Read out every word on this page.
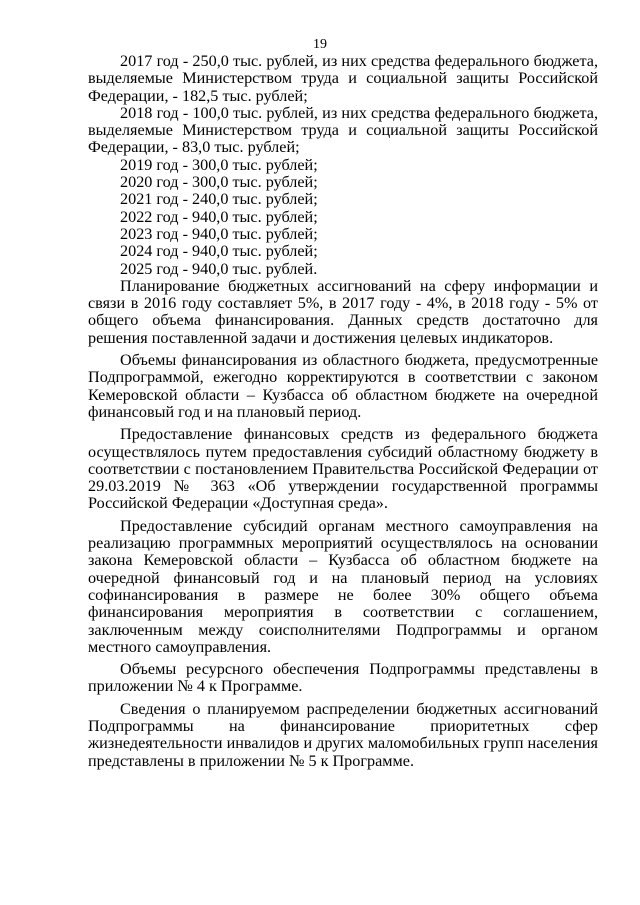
19

2017 год - 250,0 тыс. рублей, из них средства федерального бюджета, выделяемые Министерством труда и социальной защиты Российской Федерации, - 182,5 тыс. рублей;

2018 год - 100,0 тыс. рублей, из них средства федерального бюджета, выделяемые Министерством труда и социальной защиты Российской Федерации, - 83,0 тыс. рублей;

2019 год - 300,0 тыс. рублей;

2020 год - 300,0 тыс. рублей;

2021 год - 240,0 тыс. рублей;

2022 год - 940,0 тыс. рублей;

2023 год - 940,0 тыс. рублей;

2024 год - 940,0 тыс. рублей;

2025 год - 940,0 тыс. рублей.

Планирование бюджетных ассигнований на сферу информации и связи в 2016 году составляет 5%, в 2017 году - 4%, в 2018 году - 5% от общего объема финансирования. Данных средств достаточно для решения поставленной задачи и достижения целевых индикаторов.

Объемы финансирования из областного бюджета, предусмотренные Подпрограммой, ежегодно корректируются в соответствии с законом Кемеровской области – Кузбасса об областном бюджете на очередной финансовый год и на плановый период.

Предоставление финансовых средств из федерального бюджета осуществлялось путем предоставления субсидий областному бюджету в соответствии с постановлением Правительства Российской Федерации от 29.03.2019 № 363 «Об утверждении государственной программы Российской Федерации «Доступная среда».

Предоставление субсидий органам местного самоуправления на реализацию программных мероприятий осуществлялось на основании закона Кемеровской области – Кузбасса об областном бюджете на очередной финансовый год и на плановый период на условиях софинансирования в размере не более 30% общего объема финансирования мероприятия в соответствии с соглашением, заключенным между соисполнителями Подпрограммы и органом местного самоуправления.

Объемы ресурсного обеспечения Подпрограммы представлены в приложении № 4 к Программе.

Сведения о планируемом распределении бюджетных ассигнований Подпрограммы на финансирование приоритетных сфер жизнедеятельности инвалидов и других маломобильных групп населения представлены в приложении № 5 к Программе.
